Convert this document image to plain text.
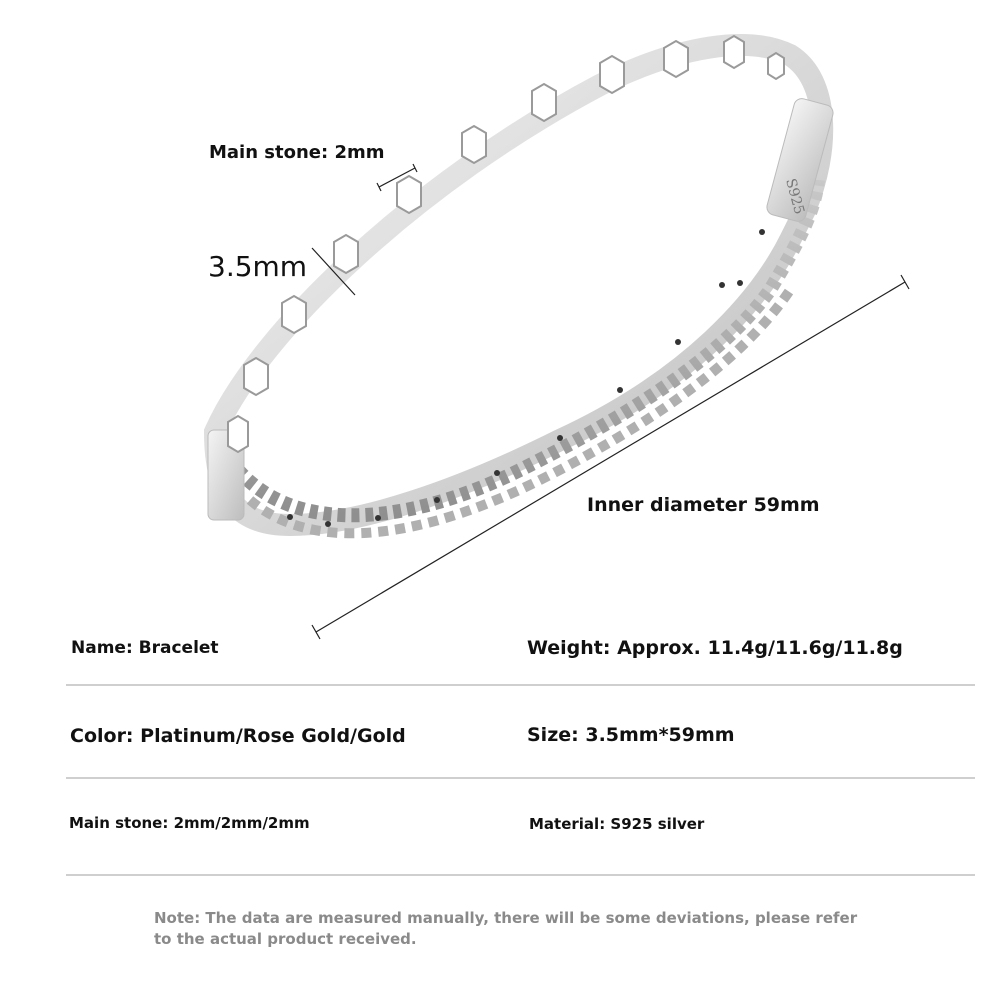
S925
Main stone: 2mm
3.5mm
Inner diameter 59mm
Name: Bracelet	Weight: Approx. 11.4g/11.6g/11.8g
Color: Platinum/Rose Gold/Gold	Size: 3.5mm*59mm
Main stone: 2mm/2mm/2mm	Material: S925 silver
Note: The data are measured manually, there will be some deviations, please refer to the actual product received.
